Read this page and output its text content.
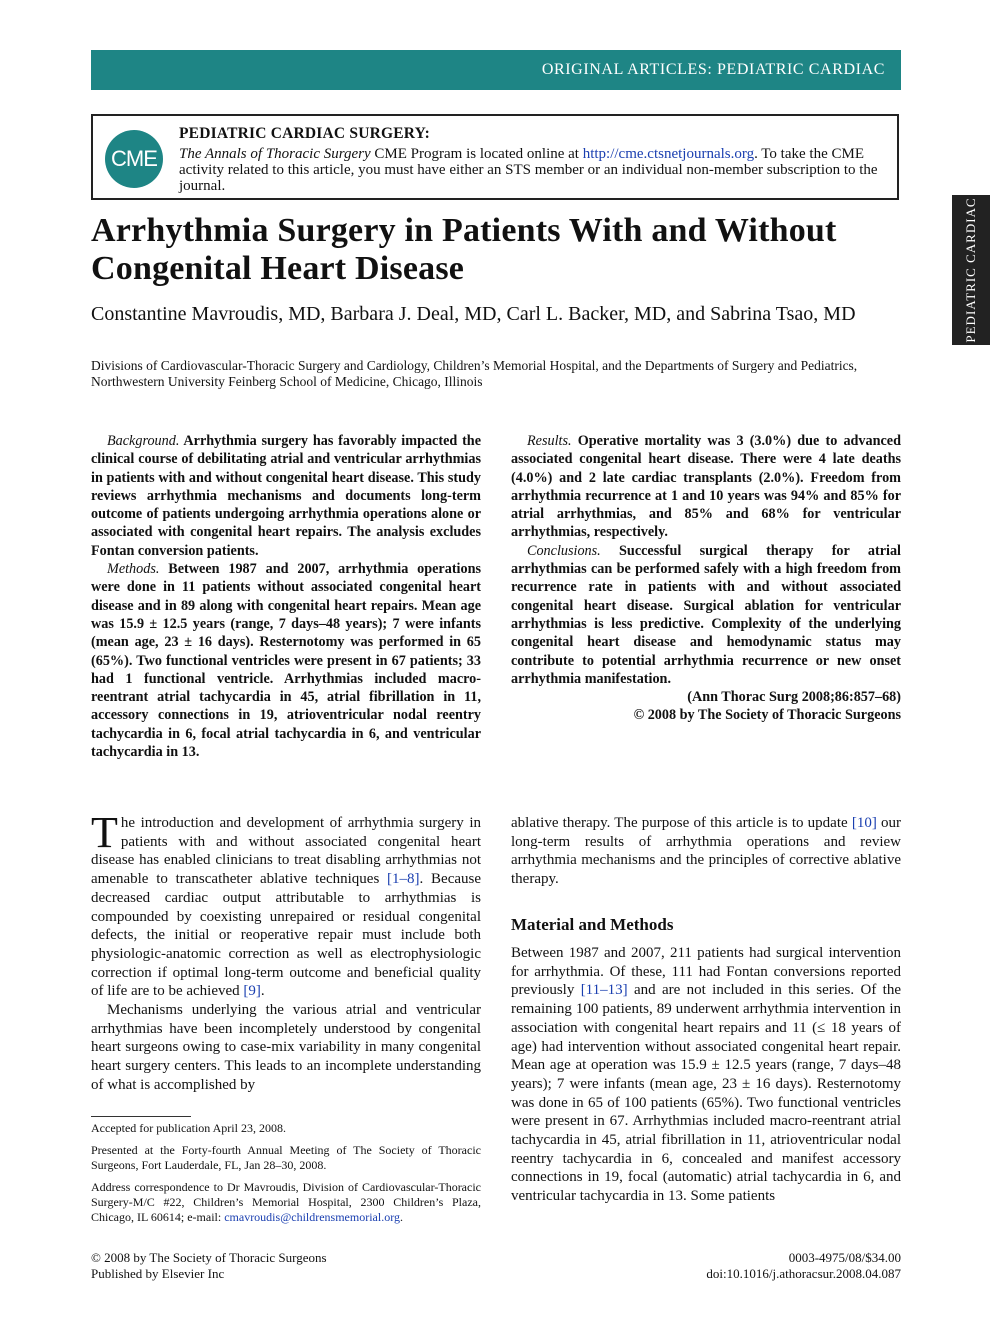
ORIGINAL ARTICLES: PEDIATRIC CARDIAC
CME
PEDIATRIC CARDIAC SURGERY:
The Annals of Thoracic Surgery CME Program is located online at http://cme.ctsnetjournals.org. To take the CME activity related to this article, you must have either an STS member or an individual non-member subscription to the journal.
PEDIATRIC CARDIAC
Arrhythmia Surgery in Patients With and Without Congenital Heart Disease
Constantine Mavroudis, MD, Barbara J. Deal, MD, Carl L. Backer, MD, and Sabrina Tsao, MD
Divisions of Cardiovascular-Thoracic Surgery and Cardiology, Children’s Memorial Hospital, and the Departments of Surgery and Pediatrics, Northwestern University Feinberg School of Medicine, Chicago, Illinois

Background. Arrhythmia surgery has favorably impacted the clinical course of debilitating atrial and ventricular arrhythmias in patients with and without congenital heart disease. This study reviews arrhythmia mechanisms and documents long-term outcome of patients undergoing arrhythmia operations alone or associated with congenital heart repairs. The analysis excludes Fontan conversion patients.

Methods. Between 1987 and 2007, arrhythmia operations were done in 11 patients without associated congenital heart disease and in 89 along with congenital heart repairs. Mean age was 15.9 ± 12.5 years (range, 7 days–48 years); 7 were infants (mean age, 23 ± 16 days). Resternotomy was performed in 65 (65%). Two functional ventricles were present in 67 patients; 33 had 1 functional ventricle. Arrhythmias included macro-reentrant atrial tachycardia in 45, atrial fibrillation in 11, accessory connections in 19, atrioventricular nodal reentry tachycardia in 6, focal atrial tachycardia in 6, and ventricular tachycardia in 13.

Results. Operative mortality was 3 (3.0%) due to advanced associated congenital heart disease. There were 4 late deaths (4.0%) and 2 late cardiac transplants (2.0%). Freedom from arrhythmia recurrence at 1 and 10 years was 94% and 85% for atrial arrhythmias, and 85% and 68% for ventricular arrhythmias, respectively.

Conclusions. Successful surgical therapy for atrial arrhythmias can be performed safely with a high freedom from recurrence rate in patients with and without associated congenital heart disease. Surgical ablation for ventricular arrhythmias is less predictive. Complexity of the underlying congenital heart disease and hemodynamic status may contribute to potential arrhythmia recurrence or new onset arrhythmia manifestation.

(Ann Thorac Surg 2008;86:857–68)

© 2008 by The Society of Thoracic Surgeons

The introduction and development of arrhythmia surgery in patients with and without associated congenital heart disease has enabled clinicians to treat disabling arrhythmias not amenable to transcatheter ablative techniques [1–8]. Because decreased cardiac output attributable to arrhythmias is compounded by coexisting unrepaired or residual congenital defects, the initial or reoperative repair must include both physiologic-anatomic correction as well as electrophysiologic correction if optimal long-term outcome and beneficial quality of life are to be achieved [9].

Mechanisms underlying the various atrial and ventricular arrhythmias have been incompletely understood by congenital heart surgeons owing to case-mix variability in many congenital heart surgery centers. This leads to an incomplete understanding of what is accomplished by

ablative therapy. The purpose of this article is to update [10] our long-term results of arrhythmia operations and review arrhythmia mechanisms and the principles of corrective ablative therapy.

Material and Methods

Between 1987 and 2007, 211 patients had surgical intervention for arrhythmia. Of these, 111 had Fontan conversions reported previously [11–13] and are not included in this series. Of the remaining 100 patients, 89 underwent arrhythmia intervention in association with congenital heart repairs and 11 (≤ 18 years of age) had intervention without associated congenital heart repair. Mean age at operation was 15.9 ± 12.5 years (range, 7 days–48 years); 7 were infants (mean age, 23 ± 16 days). Resternotomy was done in 65 of 100 patients (65%). Two functional ventricles were present in 67. Arrhythmias included macro-reentrant atrial tachycardia in 45, atrial fibrillation in 11, atrioventricular nodal reentry tachycardia in 6, concealed and manifest accessory connections in 19, focal (automatic) atrial tachycardia in 6, and ventricular tachycardia in 13. Some patients

Accepted for publication April 23, 2008.

Presented at the Forty-fourth Annual Meeting of The Society of Thoracic Surgeons, Fort Lauderdale, FL, Jan 28–30, 2008.

Address correspondence to Dr Mavroudis, Division of Cardiovascular-Thoracic Surgery-M/C #22, Children’s Memorial Hospital, 2300 Children’s Plaza, Chicago, IL 60614; e-mail: cmavroudis@childrensmemorial.org.

© 2008 by The Society of Thoracic Surgeons
Published by Elsevier Inc
0003-4975/08/$34.00
doi:10.1016/j.athoracsur.2008.04.087
